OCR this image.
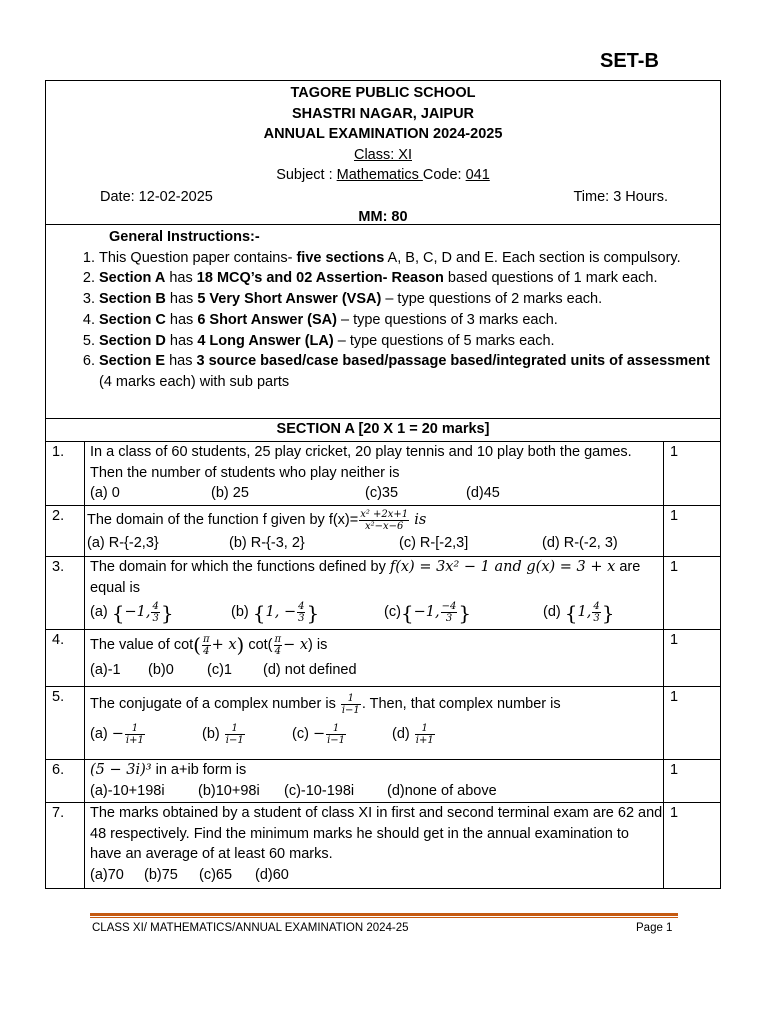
SET-B
TAGORE PUBLIC SCHOOL
SHASTRI NAGAR, JAIPUR
ANNUAL EXAMINATION 2024-2025
Class: XI
Subject : Mathematics Code: 041
Date: 12-02-2025	Time: 3 Hours.
MM: 80
General Instructions:-
1. This Question paper contains- five sections A, B, C, D and E. Each section is compulsory.
2. Section A has 18 MCQ’s and 02 Assertion- Reason based questions of 1 mark each.
3. Section B has 5 Very Short Answer (VSA) – type questions of 2 marks each.
4. Section C has 6 Short Answer (SA) – type questions of 3 marks each.
5. Section D has 4 Long Answer (LA) – type questions of 5 marks each.
6. Section E has 3 source based/case based/passage based/integrated units of assessment (4 marks each) with sub parts
SECTION A [20 X 1 = 20 marks]
1.	In a class of 60 students, 25 play cricket, 20 play tennis and 10 play both the games. Then the number of students who play neither is
(a) 0	(b) 25	(c)35	(d)45
1
2.	The domain of the function f given by $f(x)= \frac{\text{x² +2x+1}}{\text{x²−x−6}}$ is
(a) R-{-2,3}	(b) R-{-3, 2}	(c) R-[-2,3]	(d) R-(-2, 3)
1
3.	The domain for which the functions defined by f(x) = 3x² − 1 and g(x) = 3 + x are equal is
(a) {−1, $\frac{4}{3}$ }	(b) {1, − $\frac{4}{3}$ }	(c){−1, $\frac{-4}{3}$ }	(d) {1, $\frac{4}{3}$ }
1
4.	The value of $\cot( \frac{\pi}{4} + x)$ $\cot( \frac{\pi}{4} - x)$ is
(a)-1	(b)0	(c)1	(d) not defined
1
5.	The conjugate of a complex number is $\frac{1}{i-1}$ . Then, that complex number is
$(a) - \frac{1}{i+1}$	$(b) \frac{1}{i-1}$	$(c) - \frac{1}{i-1}$	$(d) \frac{1}{i+1}$
1
6.	(5 − 3i)³ in a+ib form is
(a)-10+198i	(b)10+98i	(c)-10-198i	(d)none of above
1
7.	The marks obtained by a student of class XI in first and second terminal exam are 62 and 48 respectively. Find the minimum marks he should get in the annual examination to have an average of at least 60 marks.
(a)70	(b)75	(c)65	(d)60
1
CLASS XI/ MATHEMATICS/ANNUAL EXAMINATION 2024-25	Page 1
